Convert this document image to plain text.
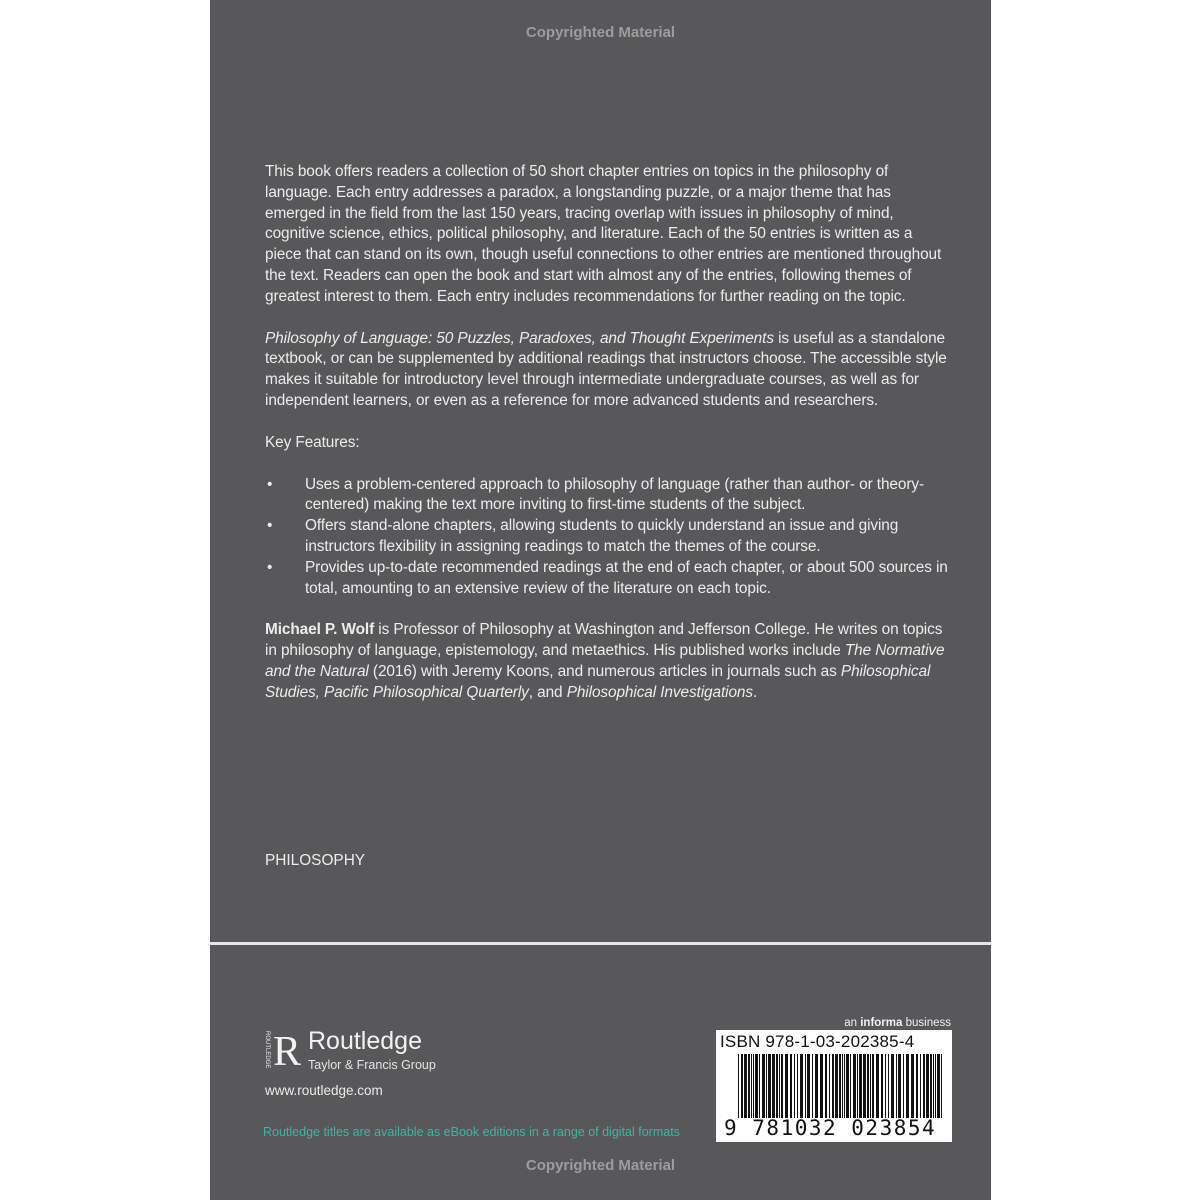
Copyrighted Material

This book offers readers a collection of 50 short chapter entries on topics in the philosophy of language. Each entry addresses a paradox, a longstanding puzzle, or a major theme that has emerged in the field from the last 150 years, tracing overlap with issues in philosophy of mind, cognitive science, ethics, political philosophy, and literature. Each of the 50 entries is written as a piece that can stand on its own, though useful connections to other entries are mentioned throughout the text. Readers can open the book and start with almost any of the entries, following themes of greatest interest to them. Each entry includes recommendations for further reading on the topic.

Philosophy of Language: 50 Puzzles, Paradoxes, and Thought Experiments is useful as a standalone textbook, or can be supplemented by additional readings that instructors choose. The accessible style makes it suitable for introductory level through intermediate undergraduate courses, as well as for independent learners, or even as a reference for more advanced students and researchers.

Key Features:

• Uses a problem-centered approach to philosophy of language (rather than author- or theory-centered) making the text more inviting to first-time students of the subject.
• Offers stand-alone chapters, allowing students to quickly understand an issue and giving instructors flexibility in assigning readings to match the themes of the course.
• Provides up-to-date recommended readings at the end of each chapter, or about 500 sources in total, amounting to an extensive review of the literature on each topic.

Michael P. Wolf is Professor of Philosophy at Washington and Jefferson College. He writes on topics in philosophy of language, epistemology, and metaethics. His published works include The Normative and the Natural (2016) with Jeremy Koons, and numerous articles in journals such as Philosophical Studies, Pacific Philosophical Quarterly, and Philosophical Investigations.

PHILOSOPHY
ROUTLEDGE R Routledge
Taylor & Francis Group
www.routledge.com
Routledge titles are available as eBook editions in a range of digital formats
an informa business
ISBN 978-1-03-202385-4
9 781032 023854
Copyrighted Material
